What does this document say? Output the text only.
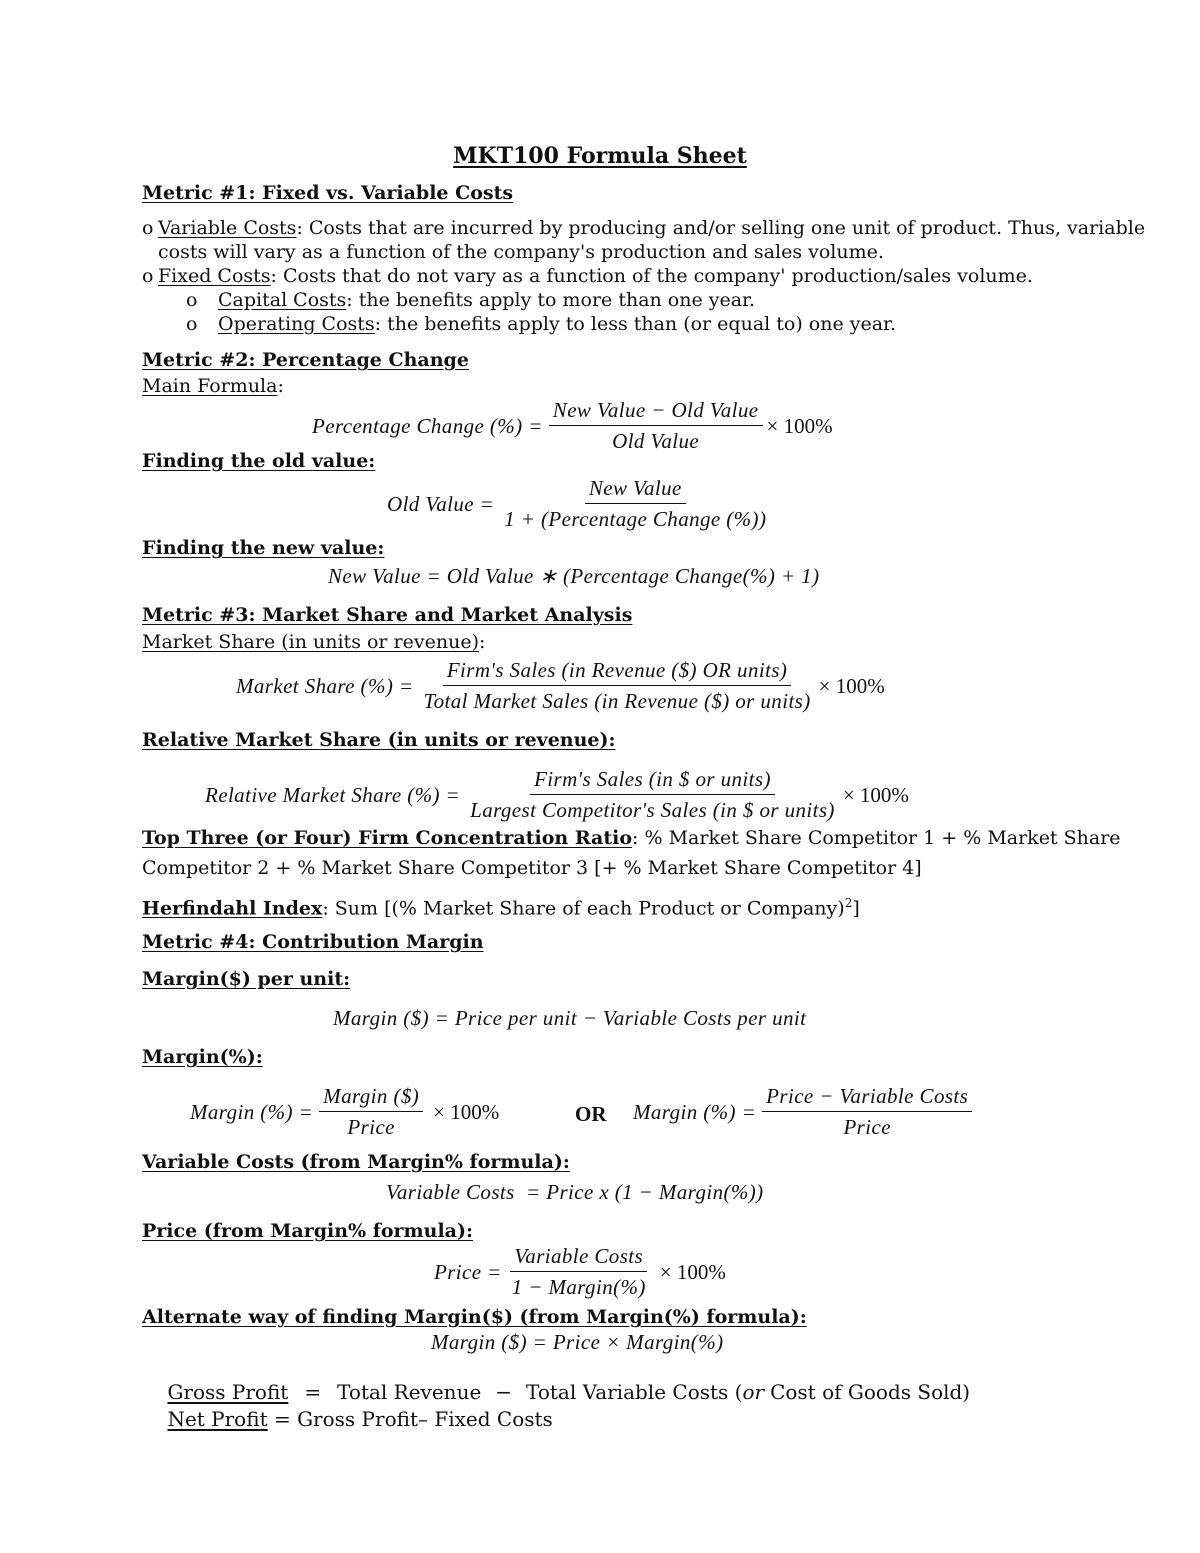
MKT100 Formula Sheet
Metric #1: Fixed vs. Variable Costs
o Variable Costs: Costs that are incurred by producing and/or selling one unit of product. Thus, variable
costs will vary as a function of the company's production and sales volume.
o Fixed Costs: Costs that do not vary as a function of the company' production/sales volume.
o Capital Costs: the benefits apply to more than one year.
o Operating Costs: the benefits apply to less than (or equal to) one year.
Metric #2: Percentage Change
Main Formula:
Percentage Change (%) = $\frac{\text{New Value − Old Value}}{\text{Old Value}} \times 100\%$
Finding the old value:
Old Value = $\frac{\text{New Value}}{\text{1 + (Percentage Change (\%))}}$
Finding the new value:
New Value = Old Value ∗ (Percentage Change(%) + 1)
Metric #3: Market Share and Market Analysis
Market Share (in units or revenue):
Market Share (%) = $\frac{\text{Firm's Sales (in Revenue (\$) OR units)}}{\text{Total Market Sales (in Revenue (\$) or units)}} \times 100\%$
Relative Market Share (in units or revenue):
Relative Market Share (%) = $\frac{\text{Firm's Sales (in \$ or units)}}{\text{Largest Competitor's Sales (in \$ or units)}} \times 100\%$
Top Three (or Four) Firm Concentration Ratio: % Market Share Competitor 1 + % Market Share
Competitor 2 + % Market Share Competitor 3 [+ % Market Share Competitor 4]
Herfindahl Index: Sum [(% Market Share of each Product or Company)$^2$]
Metric #4: Contribution Margin
Margin($) per unit:
Margin ($) = Price per unit − Variable Costs per unit
Margin(%):
Margin (%) = $\frac{\text{Margin (\$)}}{\text{Price}} \times 100\%$	OR Margin (%) = $\frac{\text{Price − Variable Costs}}{\text{Price}}$
Variable Costs (from Margin% formula):
Variable Costs  = Price x (1 − Margin(%))
Price (from Margin% formula):
Price = $\frac{\text{Variable Costs}}{\text{1 − Margin(\%)}} \times 100\%$
Alternate way of finding Margin($) (from Margin(%) formula):
Margin ($) = Price × Margin(%)

Gross Profit = Total Revenue − Total Variable Costs (or Cost of Goods Sold)

Net Profit = Gross Profit– Fixed Costs
